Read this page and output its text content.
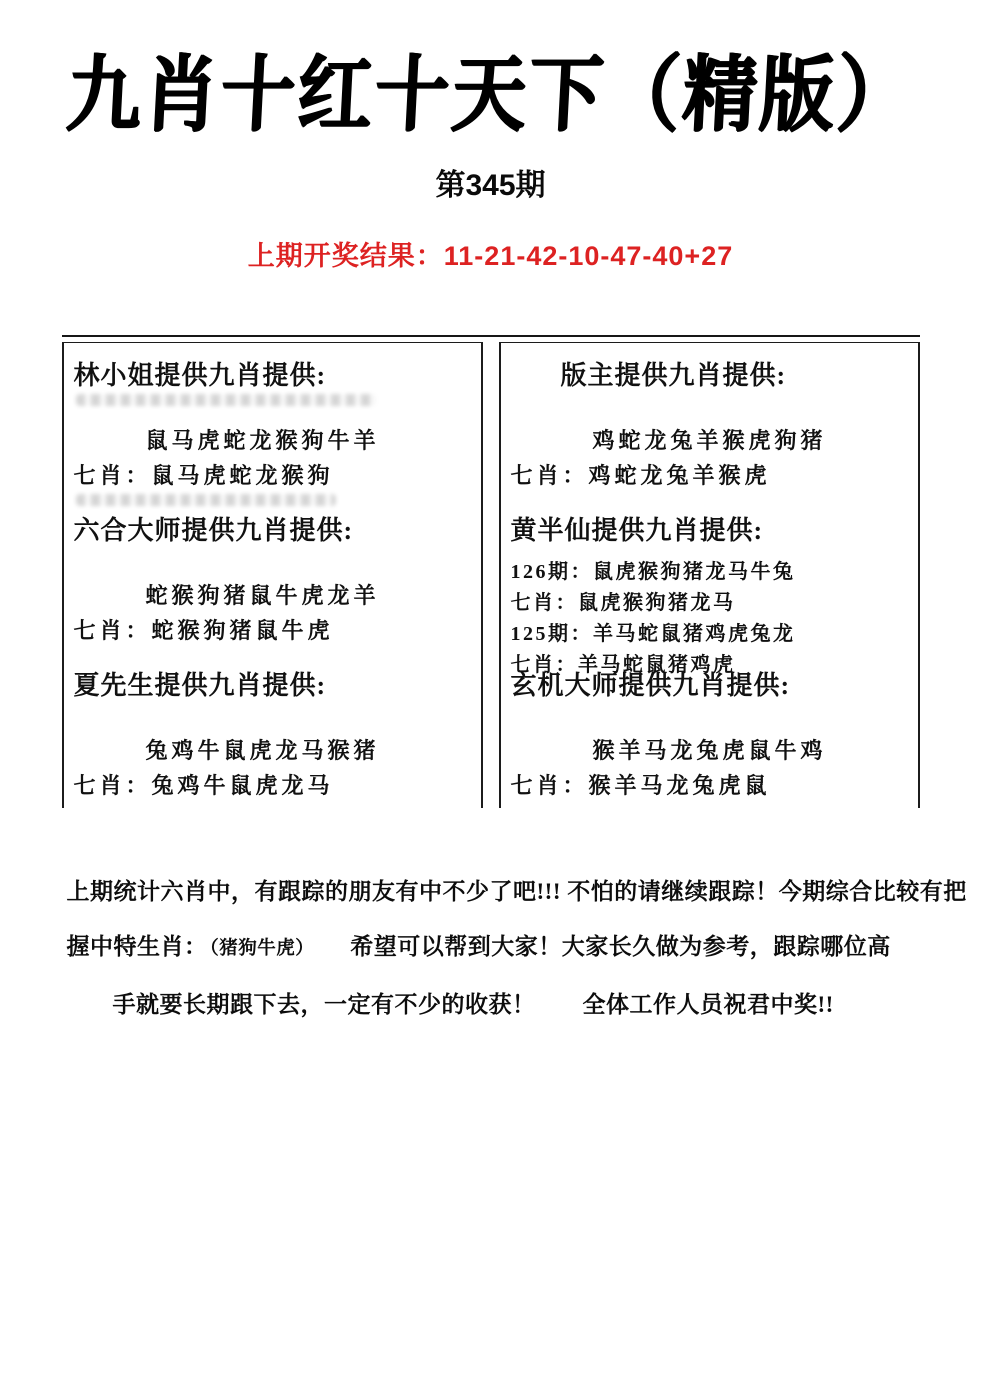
九肖十红十天下（精版）
第345期
上期开奖结果：11-21-42-10-47-40+27
林小姐提供九肖提供:
鼠马虎蛇龙猴狗牛羊
七肖：鼠马虎蛇龙猴狗
六合大师提供九肖提供:
蛇猴狗猪鼠牛虎龙羊
七肖：蛇猴狗猪鼠牛虎
夏先生提供九肖提供:
兔鸡牛鼠虎龙马猴猪
七肖：兔鸡牛鼠虎龙马
版主提供九肖提供:
鸡蛇龙兔羊猴虎狗猪
七肖：鸡蛇龙兔羊猴虎
黄半仙提供九肖提供:
126期：鼠虎猴狗猪龙马牛兔
七肖：鼠虎猴狗猪龙马
125期：羊马蛇鼠猪鸡虎兔龙
七肖：羊马蛇鼠猪鸡虎
玄机大师提供九肖提供:
猴羊马龙兔虎鼠牛鸡
七肖：猴羊马龙兔虎鼠
上期统计六肖中，有跟踪的朋友有中不少了吧!!! 不怕的请继续跟踪！今期综合比较有把
握中特生肖： （猪狗牛虎） 希望可以帮到大家！大家长久做为参考，跟踪哪位高
手就要长期跟下去，一定有不少的收获！　　全体工作人员祝君中奖!!
